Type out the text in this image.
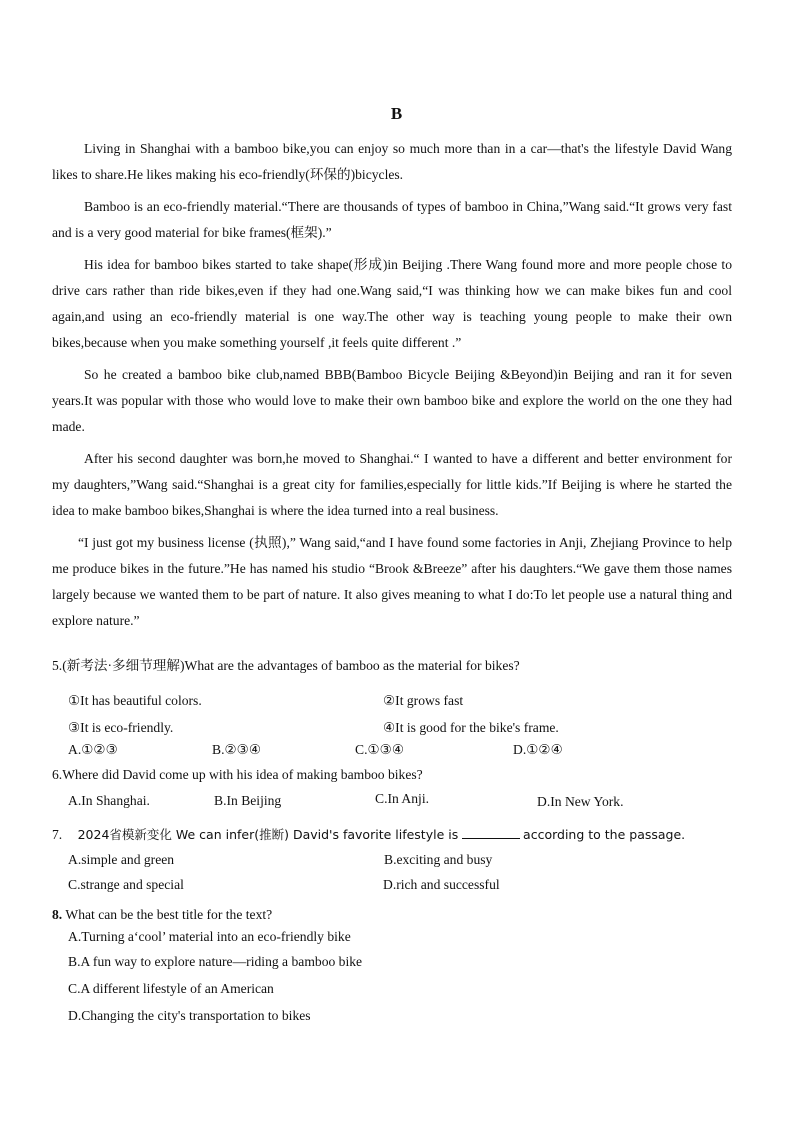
B

Living in Shanghai with a bamboo bike,you can enjoy so much more than in a car—that's the lifestyle David Wang likes to share.He likes making his eco-friendly(环保的)bicycles.

Bamboo is an eco-friendly material.“There are thousands of types of bamboo in China,”Wang said.“It grows very fast and is a very good material for bike frames(框架).”

His idea for bamboo bikes started to take shape(形成)in Beijing .There Wang found more and more people chose to drive cars rather than ride bikes,even if they had one.Wang said,“I was thinking how we can make bikes fun and cool again,and using an eco-friendly material is one way.The other way is teaching young people to make their own bikes,because when you make something yourself ,it feels quite different .”

So he created a bamboo bike club,named BBB(Bamboo Bicycle Beijing &Beyond)in Beijing and ran it for seven years.It was popular with those who would love to make their own bamboo bike and explore the world on the one they had made.

After his second daughter was born,he moved to Shanghai.“ I wanted to have a different and better environment for my daughters,”Wang said.“Shanghai is a great city for families,especially for little kids.”If Beijing is where he started the idea to make bamboo bikes,Shanghai is where the idea turned into a real business.

“I just got my business license (执照),” Wang said,“and I have found some factories in Anji, Zhejiang Province to help me produce bikes in the future.”He has named his studio “Brook &Breeze” after his daughters.“We gave them those names largely because we wanted them to be part of nature. It also gives meaning to what I do:To let people use a natural thing and explore nature.”

5.(新考法·多细节理解)What are the advantages of bamboo as the material for bikes?
①It has beautiful colors.	②It grows fast
③It is eco-friendly.	④It is good for the bike's frame.
A.①②③	B.②③④	C.①③④	D.①②④
6.Where did David come up with his idea of making bamboo bikes?
A.In Shanghai.	B.In Beijing	C.In Anji.	D.In New York.
7. 2024省模新变化 We can infer(推断) David's favorite lifestyle is	according to the passage.
A.simple and green	B.exciting and busy
C.strange and special	D.rich and successful
8. What can be the best title for the text?
A.Turning a‘cool’ material into an eco-friendly bike
B.A fun way to explore nature—riding a bamboo bike
C.A different lifestyle of an American
D.Changing the city's transportation to bikes
